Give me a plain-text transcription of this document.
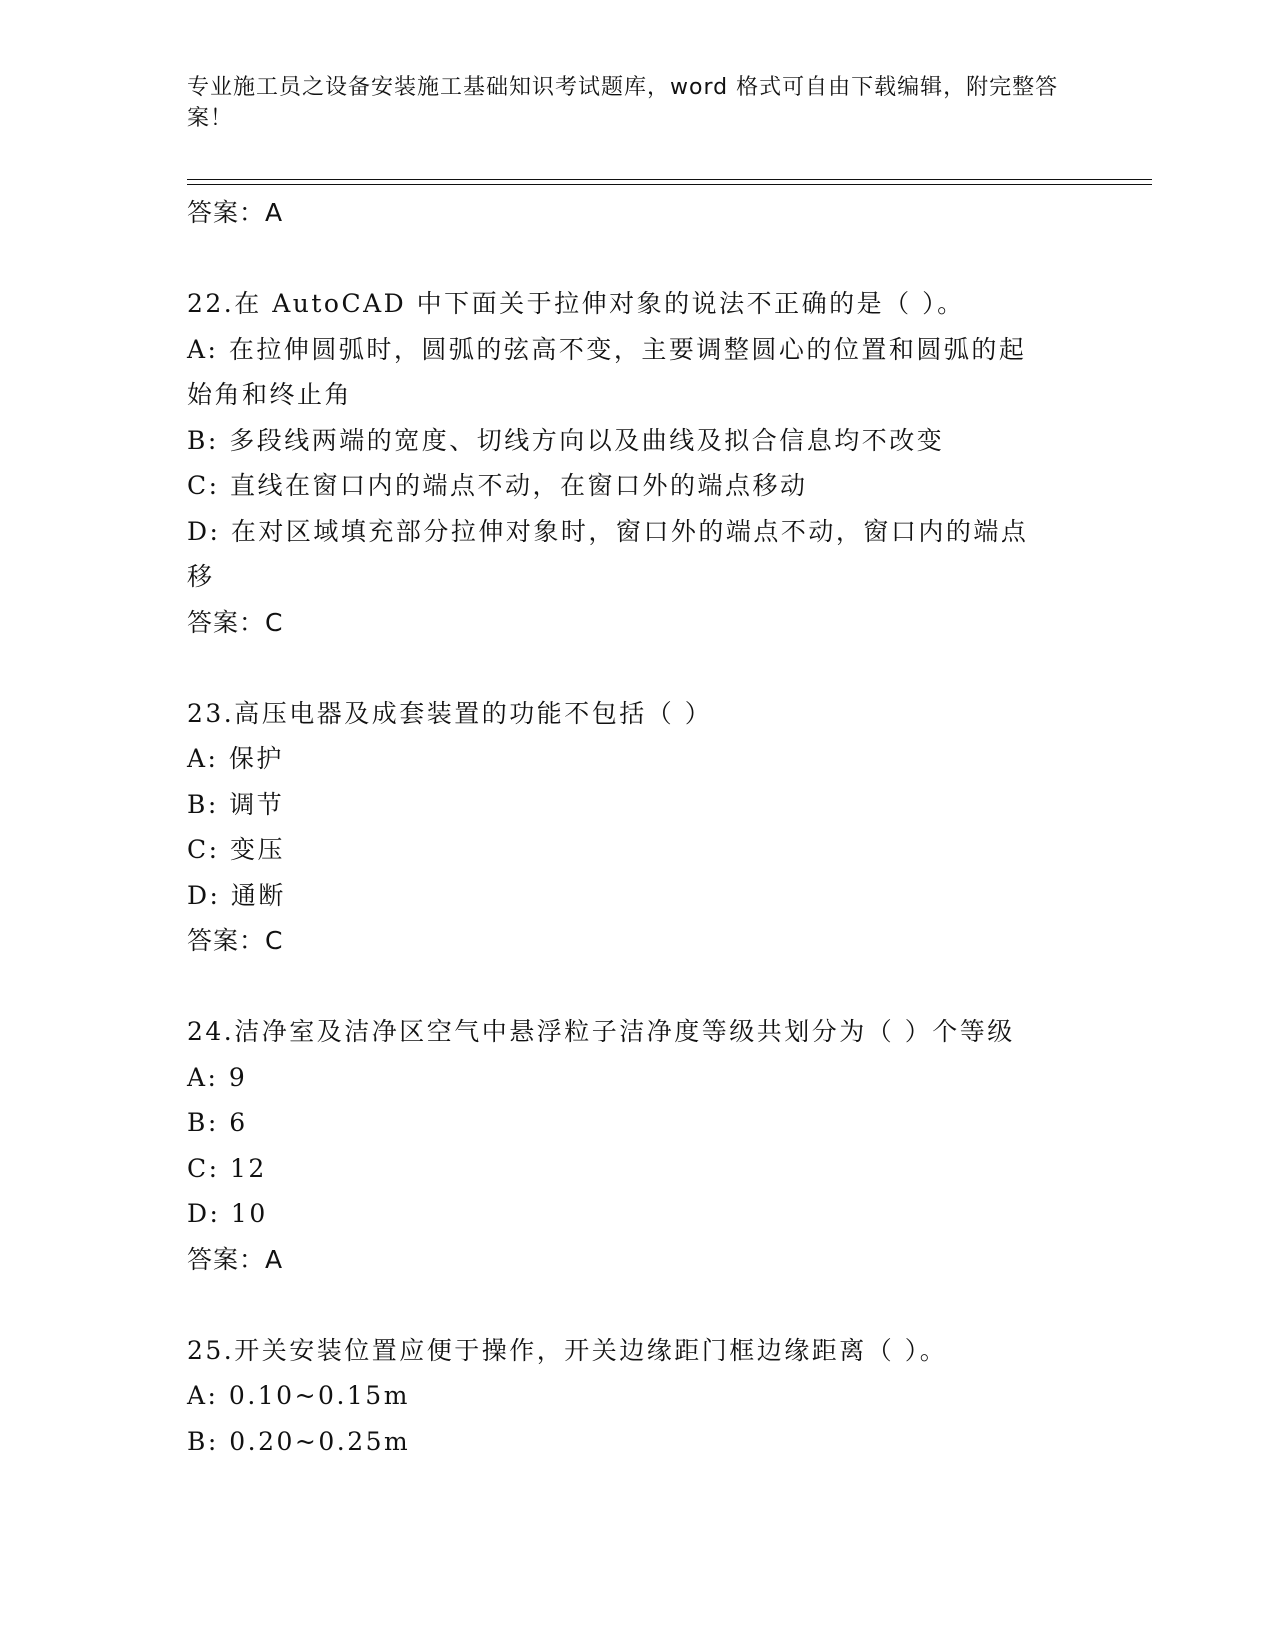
专业施工员之设备安装施工基础知识考试题库，word 格式可自由下载编辑，附完整答案！
答案：A
22.在 AutoCAD 中下面关于拉伸对象的说法不正确的是（ ）。
A: 在拉伸圆弧时，圆弧的弦高不变，主要调整圆心的位置和圆弧的起
始角和终止角
B: 多段线两端的宽度、切线方向以及曲线及拟合信息均不改变
C: 直线在窗口内的端点不动，在窗口外的端点移动
D: 在对区域填充部分拉伸对象时，窗口外的端点不动，窗口内的端点
移
答案：C
23.高压电器及成套装置的功能不包括（ ）
A: 保护
B: 调节
C: 变压
D: 通断
答案：C
24.洁净室及洁净区空气中悬浮粒子洁净度等级共划分为（ ）个等级
A: 9
B: 6
C: 12
D: 10
答案：A
25.开关安装位置应便于操作，开关边缘距门框边缘距离（ ）。
A: 0.10~0.15m
B: 0.20~0.25m
